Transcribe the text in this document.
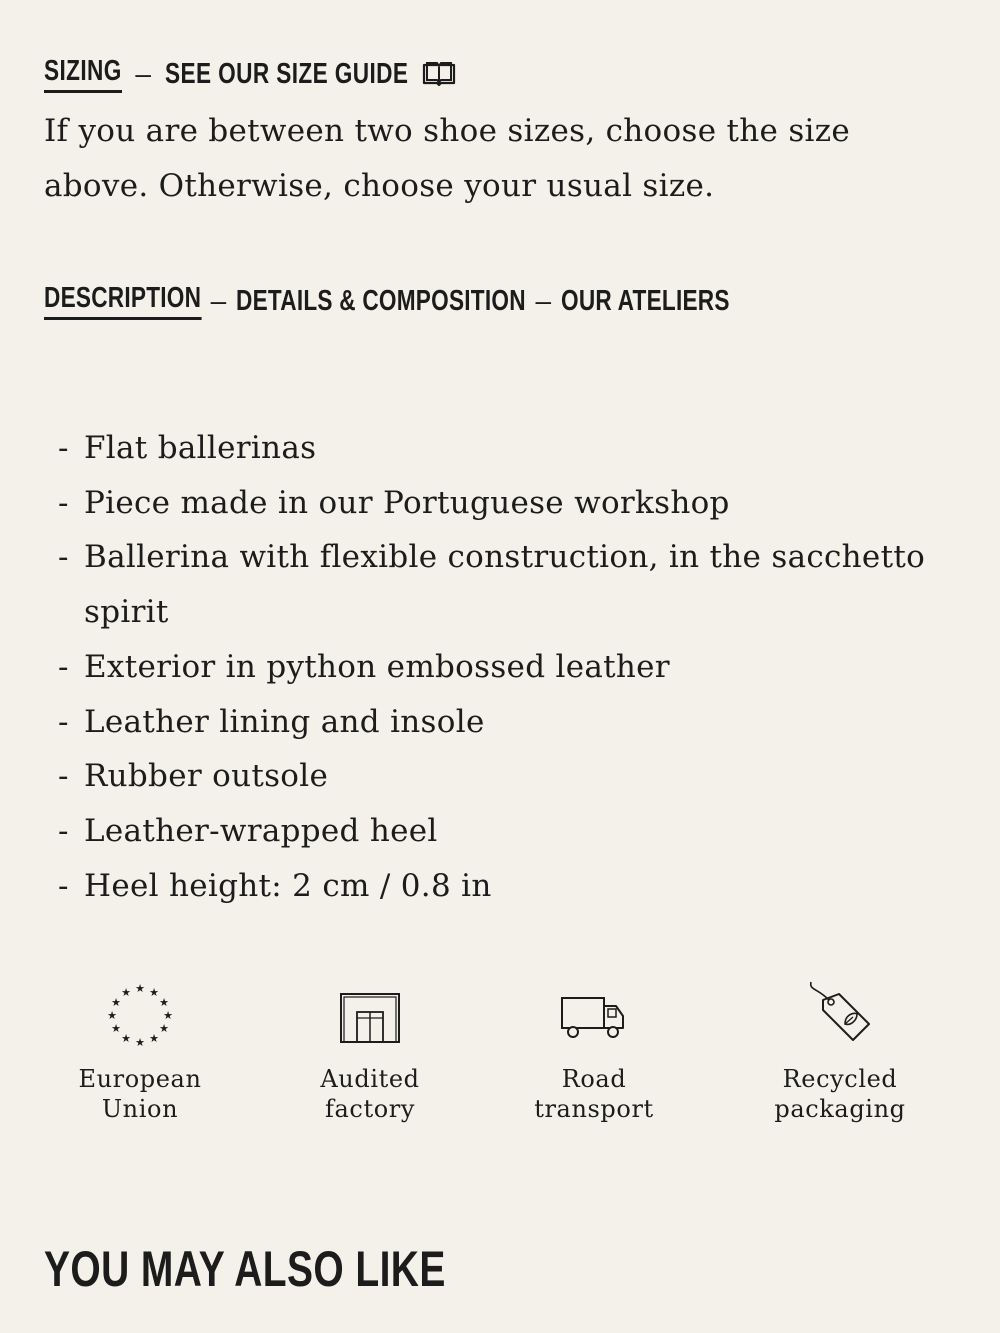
SIZING – SEE OUR SIZE GUIDE

If you are between two shoe sizes, choose the size above. Otherwise, choose your usual size.

DESCRIPTION – DETAILS & COMPOSITION – OUR ATELIERS
- Flat ballerinas
- Piece made in our Portuguese workshop
- Ballerina with flexible construction, in the sacchetto spirit
- Exterior in python embossed leather
- Leather lining and insole
- Rubber outsole
- Leather-wrapped heel
- Heel height: 2 cm / 0.8 in
★ ★
★
★
★
★
★
★
★
★
★
★
European
Union
Audited
factory
Road
transport
Recycled
packaging
YOU MAY ALSO LIKE
